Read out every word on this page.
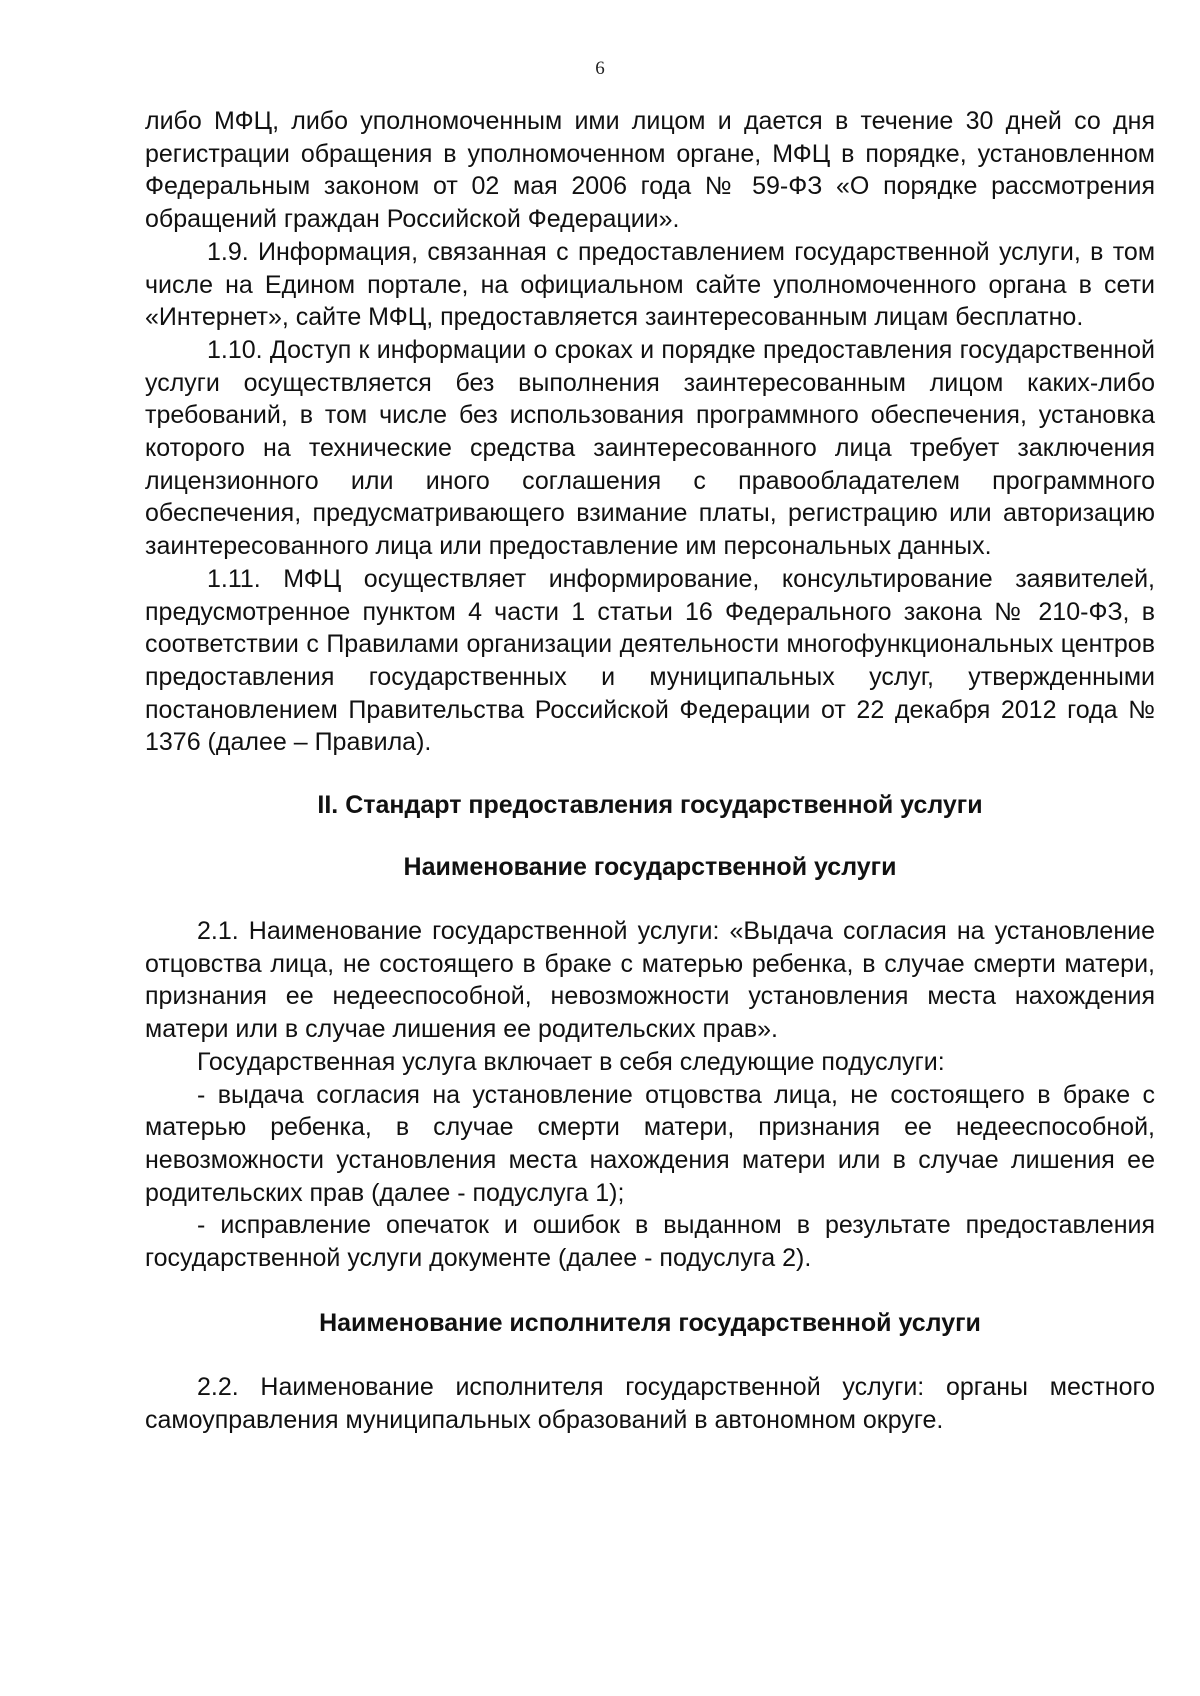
6

либо МФЦ, либо уполномоченным ими лицом и дается в течение 30 дней со дня регистрации обращения в уполномоченном органе, МФЦ в порядке, установленном Федеральным законом от 02 мая 2006 года № 59-ФЗ «О порядке рассмотрения обращений граждан Российской Федерации».

1.9. Информация, связанная с предоставлением государственной услуги, в том числе на Едином портале, на официальном сайте уполномоченного органа в сети «Интернет», сайте МФЦ, предоставляется заинтересованным лицам бесплатно.

1.10. Доступ к информации о сроках и порядке предоставления государственной услуги осуществляется без выполнения заинтересованным лицом каких-либо требований, в том числе без использования программного обеспечения, установка которого на технические средства заинтересованного лица требует заключения лицензионного или иного соглашения с правообладателем программного обеспечения, предусматривающего взимание платы, регистрацию или авторизацию заинтересованного лица или предоставление им персональных данных.

1.11. МФЦ осуществляет информирование, консультирование заявителей, предусмотренное пунктом 4 части 1 статьи 16 Федерального закона № 210-ФЗ, в соответствии с Правилами организации деятельности многофункциональных центров предоставления государственных и муниципальных услуг, утвержденными постановлением Правительства Российской Федерации от 22 декабря 2012 года № 1376 (далее – Правила).

II. Стандарт предоставления государственной услуги
Наименование государственной услуги

2.1. Наименование государственной услуги: «Выдача согласия на установление отцовства лица, не состоящего в браке с матерью ребенка, в случае смерти матери, признания ее недееспособной, невозможности установления места нахождения матери или в случае лишения ее родительских прав».

Государственная услуга включает в себя следующие подуслуги:

- выдача согласия на установление отцовства лица, не состоящего в браке с матерью ребенка, в случае смерти матери, признания ее недееспособной, невозможности установления места нахождения матери или в случае лишения ее родительских прав (далее - подуслуга 1);

- исправление опечаток и ошибок в выданном в результате предоставления государственной услуги документе (далее - подуслуга 2).

Наименование исполнителя государственной услуги

2.2. Наименование исполнителя государственной услуги: органы местного самоуправления муниципальных образований в автономном округе.
